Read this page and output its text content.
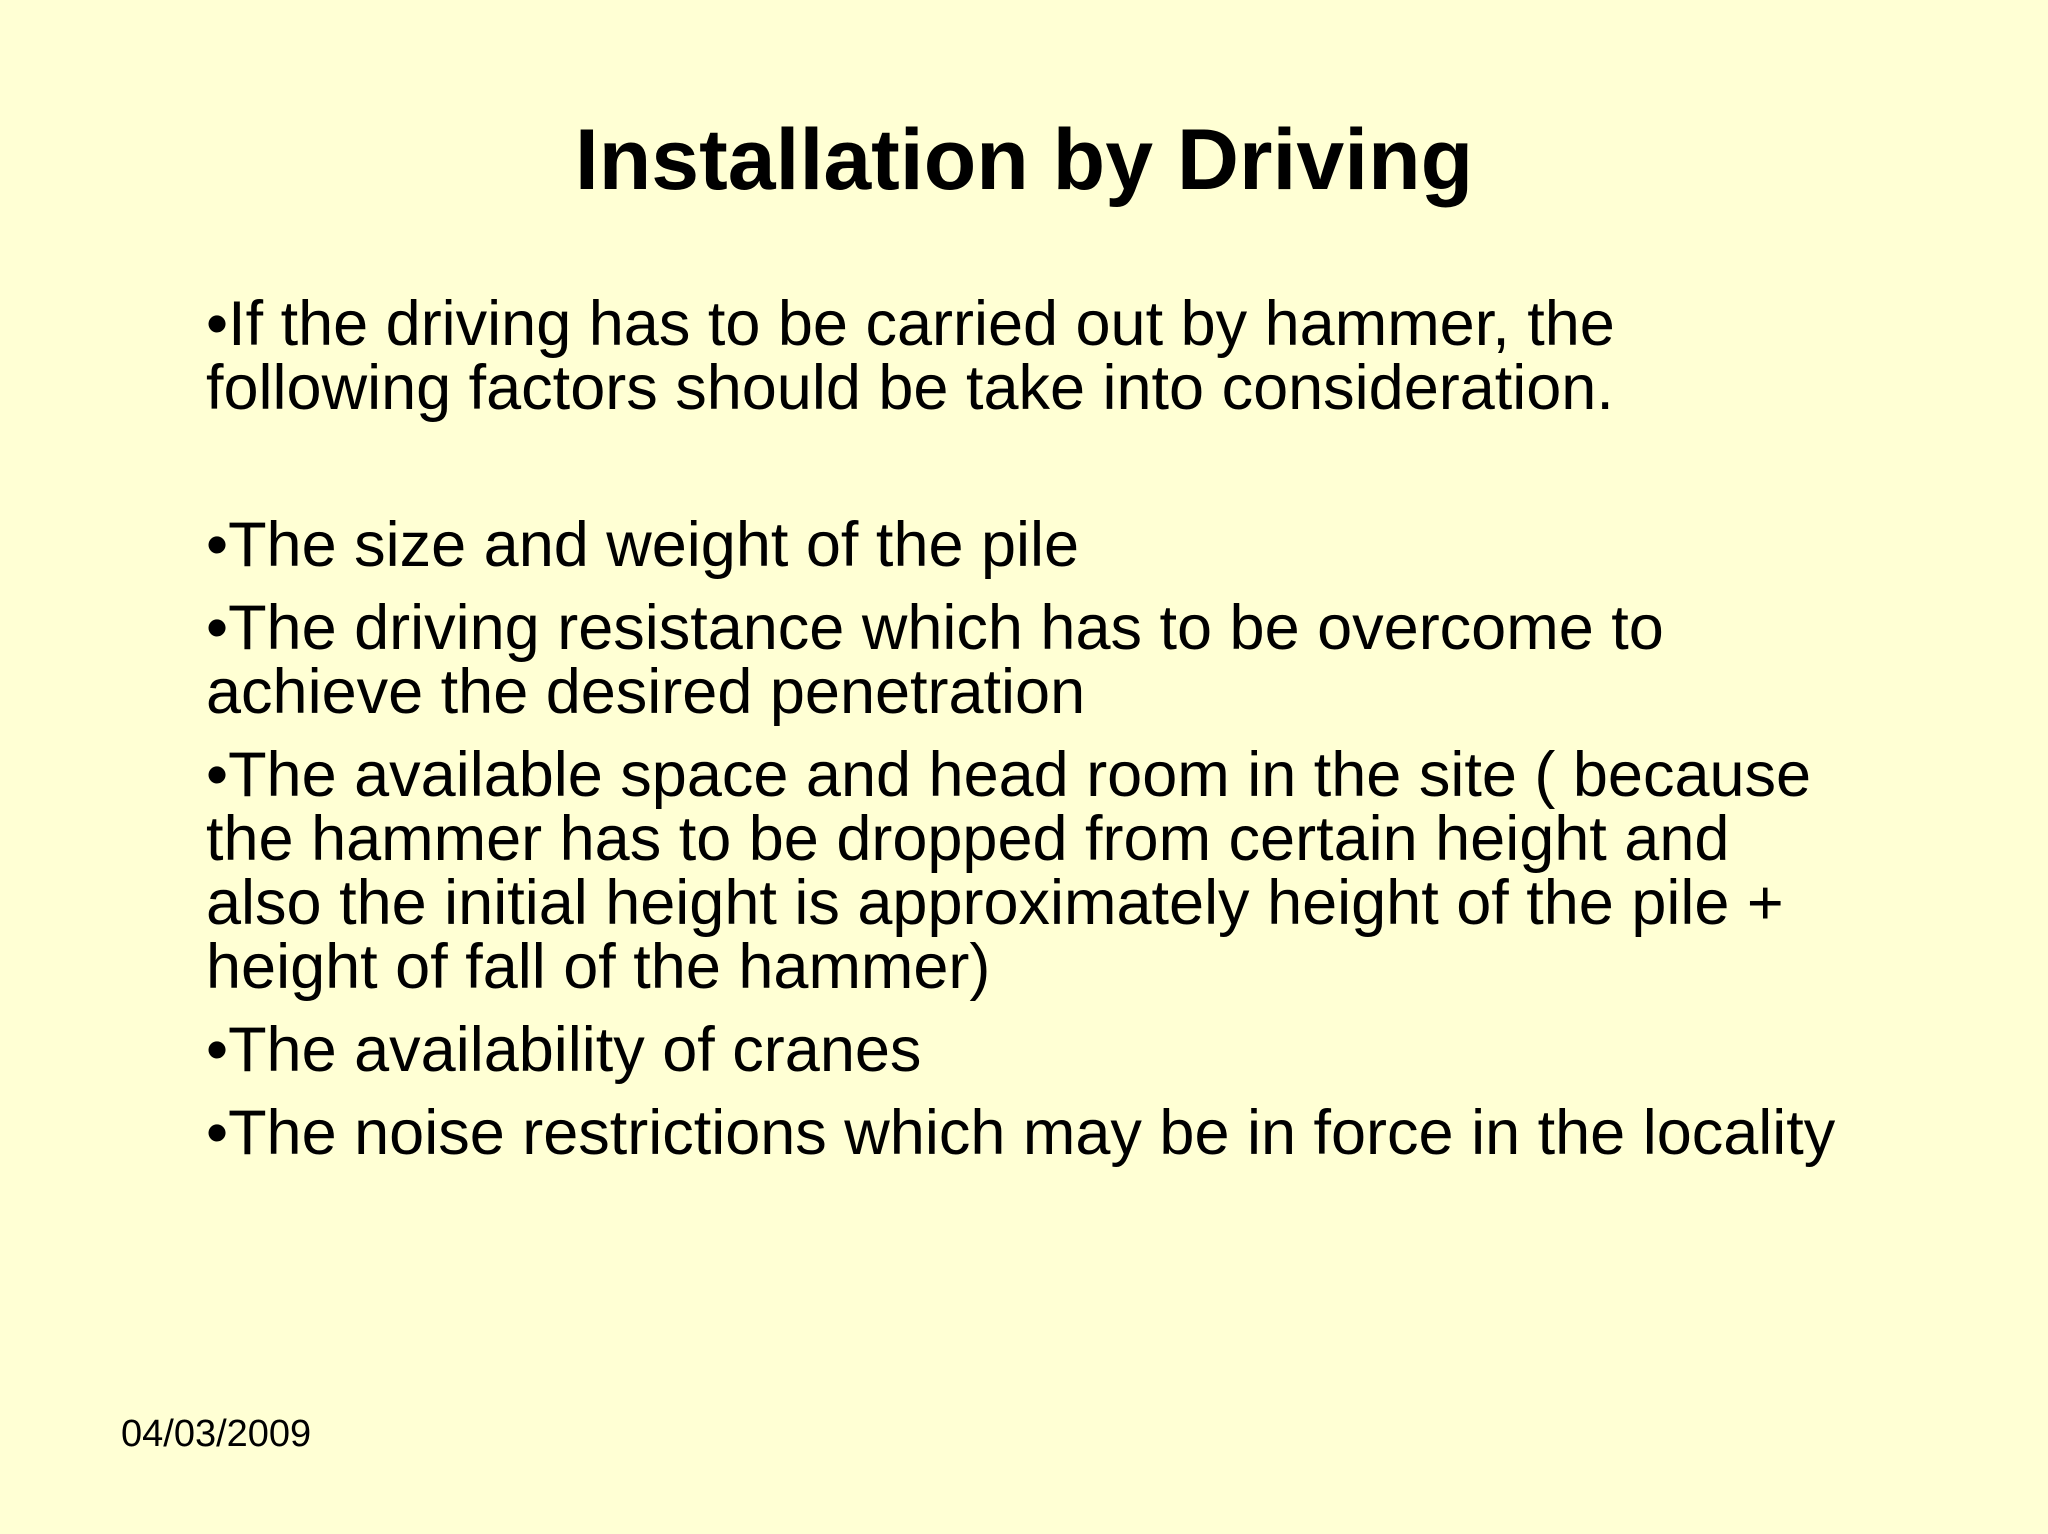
Installation by Driving
•If the driving has to be carried out by hammer, the following factors should be take into consideration.
•The size and weight of the pile
•The driving resistance which has to be overcome to achieve the desired penetration
•The available space and head room in the site ( because the hammer has to be dropped from certain height and also the initial height is approximately height of the pile + height of fall of the hammer)
•The availability of cranes
•The noise restrictions which may be in force in the locality

04/03/2009
